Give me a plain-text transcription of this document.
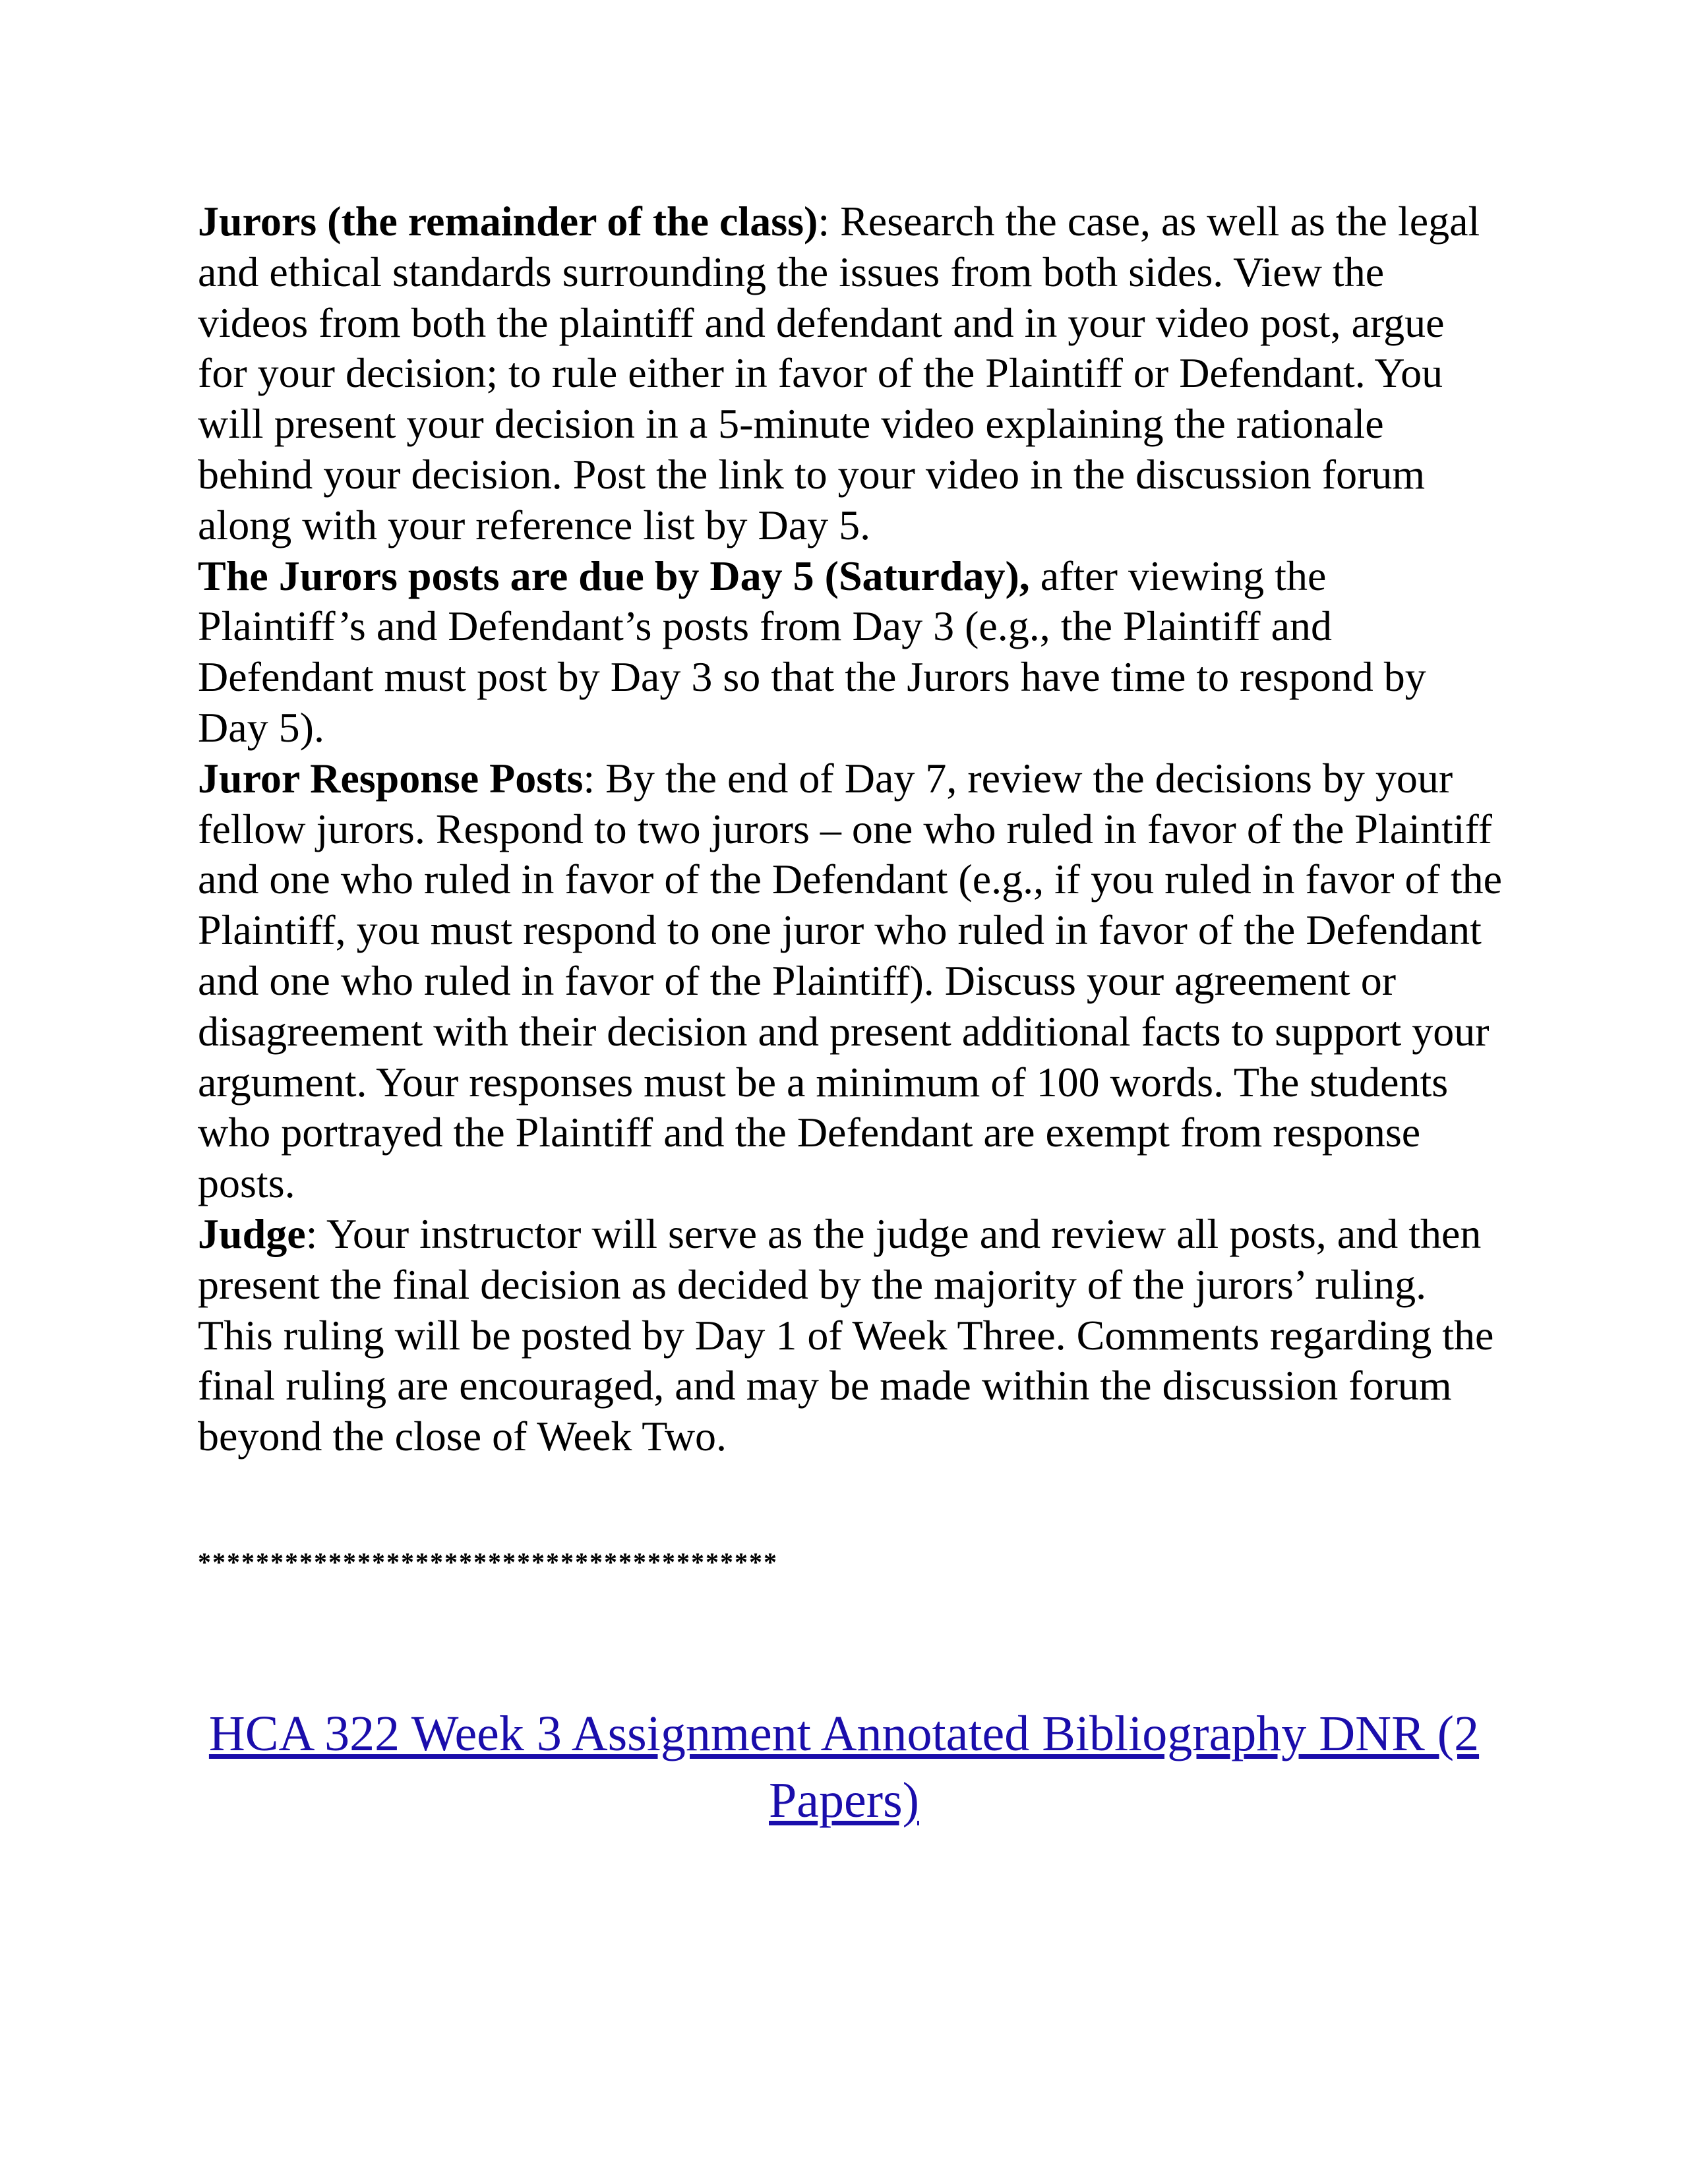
Jurors (the remainder of the class): Research the case, as well as the legal and ethical standards surrounding the issues from both sides. View the videos from both the plaintiff and defendant and in your video post, argue for your decision; to rule either in favor of the Plaintiff or Defendant. You will present your decision in a 5-minute video explaining the rationale behind your decision. Post the link to your video in the discussion forum along with your reference list by Day 5.

The Jurors posts are due by Day 5 (Saturday), after viewing the Plaintiff’s and Defendant’s posts from Day 3 (e.g., the Plaintiff and Defendant must post by Day 3 so that the Jurors have time to respond by Day 5).

Juror Response Posts: By the end of Day 7, review the decisions by your fellow jurors. Respond to two jurors – one who ruled in favor of the Plaintiff and one who ruled in favor of the Defendant (e.g., if you ruled in favor of the Plaintiff, you must respond to one juror who ruled in favor of the Defendant and one who ruled in favor of the Plaintiff). Discuss your agreement or disagreement with their decision and present additional facts to support your argument. Your responses must be a minimum of 100 words. The students who portrayed the Plaintiff and the Defendant are exempt from response posts.

Judge: Your instructor will serve as the judge and review all posts, and then present the final decision as decided by the majority of the jurors’ ruling. This ruling will be posted by Day 1 of Week Three. Comments regarding the final ruling are encouraged, and may be made within the discussion forum beyond the close of Week Two.

****************************************
HCA 322 Week 3 Assignment Annotated Bibliography DNR (2 Papers)
